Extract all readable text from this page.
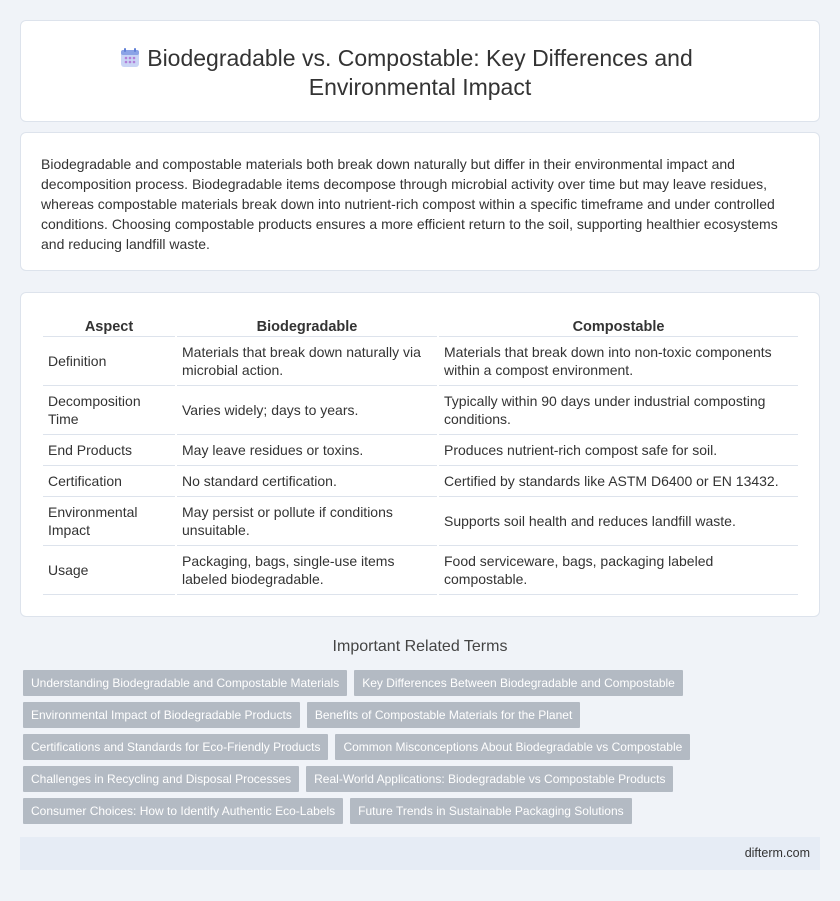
Biodegradable vs. Compostable: Key Differences and
Environmental Impact

Biodegradable and compostable materials both break down naturally but differ in their environmental impact and decomposition process. Biodegradable items decompose through microbial activity over time but may leave residues, whereas compostable materials break down into nutrient-rich compost within a specific timeframe and under controlled conditions. Choosing compostable products ensures a more efficient return to the soil, supporting healthier ecosystems and reducing landfill waste.

Aspect	Biodegradable	Compostable
Definition	Materials that break down naturally via microbial action.	Materials that break down into non-toxic components within a compost environment.
Decomposition Time	Varies widely; days to years.	Typically within 90 days under industrial composting conditions.
End Products	May leave residues or toxins.	Produces nutrient-rich compost safe for soil.
Certification	No standard certification.	Certified by standards like ASTM D6400 or EN 13432.
Environmental Impact	May persist or pollute if conditions unsuitable.	Supports soil health and reduces landfill waste.
Usage	Packaging, bags, single-use items labeled biodegradable.	Food serviceware, bags, packaging labeled compostable.
Important Related Terms
Understanding Biodegradable and Compostable Materials	Key Differences Between Biodegradable and Compostable
Environmental Impact of Biodegradable Products	Benefits of Compostable Materials for the Planet
Certifications and Standards for Eco-Friendly Products	Common Misconceptions About Biodegradable vs Compostable
Challenges in Recycling and Disposal Processes	Real-World Applications: Biodegradable vs Compostable Products
Consumer Choices: How to Identify Authentic Eco-Labels	Future Trends in Sustainable Packaging Solutions
difterm.com
